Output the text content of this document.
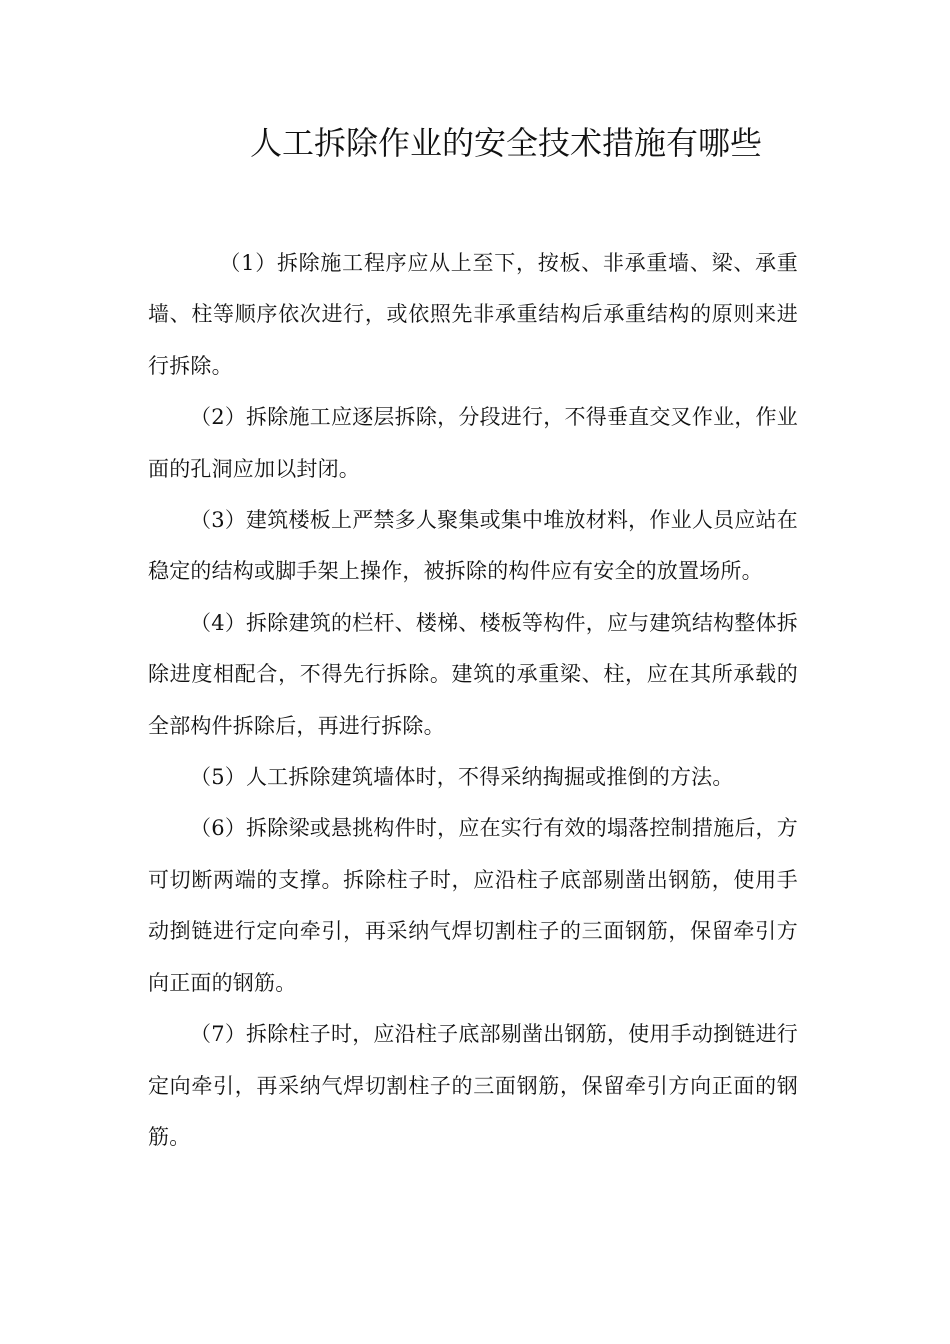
人工拆除作业的安全技术措施有哪些

（1）拆除施工程序应从上至下，按板、非承重墙、梁、承重墙、柱等顺序依次进行，或依照先非承重结构后承重结构的原则来进行拆除。

（2）拆除施工应逐层拆除，分段进行，不得垂直交叉作业，作业面的孔洞应加以封闭。

（3）建筑楼板上严禁多人聚集或集中堆放材料，作业人员应站在稳定的结构或脚手架上操作，被拆除的构件应有安全的放置场所。

（4）拆除建筑的栏杆、楼梯、楼板等构件，应与建筑结构整体拆除进度相配合，不得先行拆除。建筑的承重梁、柱，应在其所承载的全部构件拆除后，再进行拆除。

（5）人工拆除建筑墙体时，不得采纳掏掘或推倒的方法。

（6）拆除梁或悬挑构件时，应在实行有效的塌落控制措施后，方可切断两端的支撑。拆除柱子时，应沿柱子底部剔凿出钢筋，使用手动捯链进行定向牵引，再采纳气焊切割柱子的三面钢筋，保留牵引方向正面的钢筋。

（7）拆除柱子时，应沿柱子底部剔凿出钢筋，使用手动捯链进行定向牵引，再采纳气焊切割柱子的三面钢筋，保留牵引方向正面的钢筋。
